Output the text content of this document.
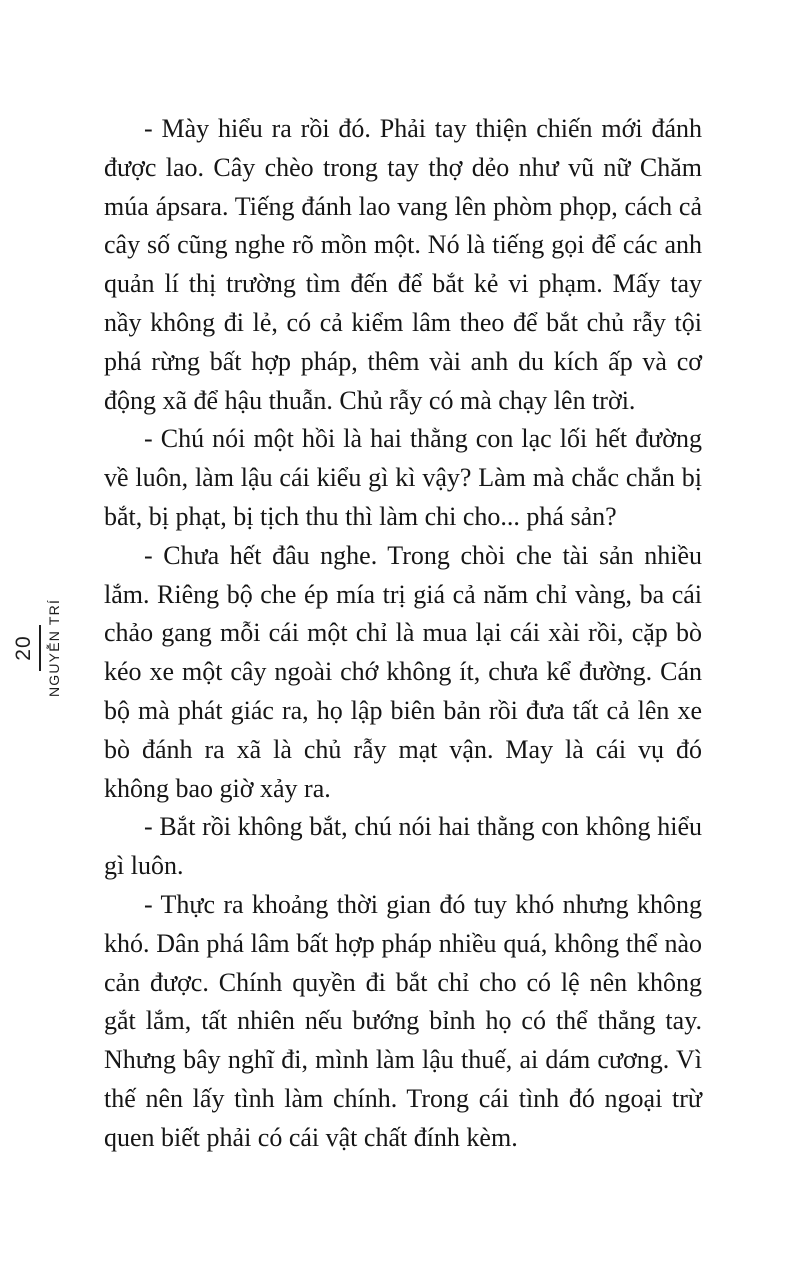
20 NGUYỄN TRÍ

- Mày hiểu ra rồi đó. Phải tay thiện chiến mới đánh được lao. Cây chèo trong tay thợ dẻo như vũ nữ Chăm múa ápsara. Tiếng đánh lao vang lên phòm phọp, cách cả cây số cũng nghe rõ mồn một. Nó là tiếng gọi để các anh quản lí thị trường tìm đến để bắt kẻ vi phạm. Mấy tay nầy không đi lẻ, có cả kiểm lâm theo để bắt chủ rẫy tội phá rừng bất hợp pháp, thêm vài anh du kích ấp và cơ động xã để hậu thuẫn. Chủ rẫy có mà chạy lên trời.

- Chú nói một hồi là hai thằng con lạc lối hết đường về luôn, làm lậu cái kiểu gì kì vậy? Làm mà chắc chắn bị bắt, bị phạt, bị tịch thu thì làm chi cho... phá sản?

- Chưa hết đâu nghe. Trong chòi che tài sản nhiều lắm. Riêng bộ che ép mía trị giá cả năm chỉ vàng, ba cái chảo gang mỗi cái một chỉ là mua lại cái xài rồi, cặp bò kéo xe một cây ngoài chớ không ít, chưa kể đường. Cán bộ mà phát giác ra, họ lập biên bản rồi đưa tất cả lên xe bò đánh ra xã là chủ rẫy mạt vận. May là cái vụ đó không bao giờ xảy ra.

- Bắt rồi không bắt, chú nói hai thằng con không hiểu gì luôn.

- Thực ra khoảng thời gian đó tuy khó nhưng không khó. Dân phá lâm bất hợp pháp nhiều quá, không thể nào cản được. Chính quyền đi bắt chỉ cho có lệ nên không gắt lắm, tất nhiên nếu bướng bỉnh họ có thể thẳng tay. Nhưng bây nghĩ đi, mình làm lậu thuế, ai dám cương. Vì thế nên lấy tình làm chính. Trong cái tình đó ngoại trừ quen biết phải có cái vật chất đính kèm.
